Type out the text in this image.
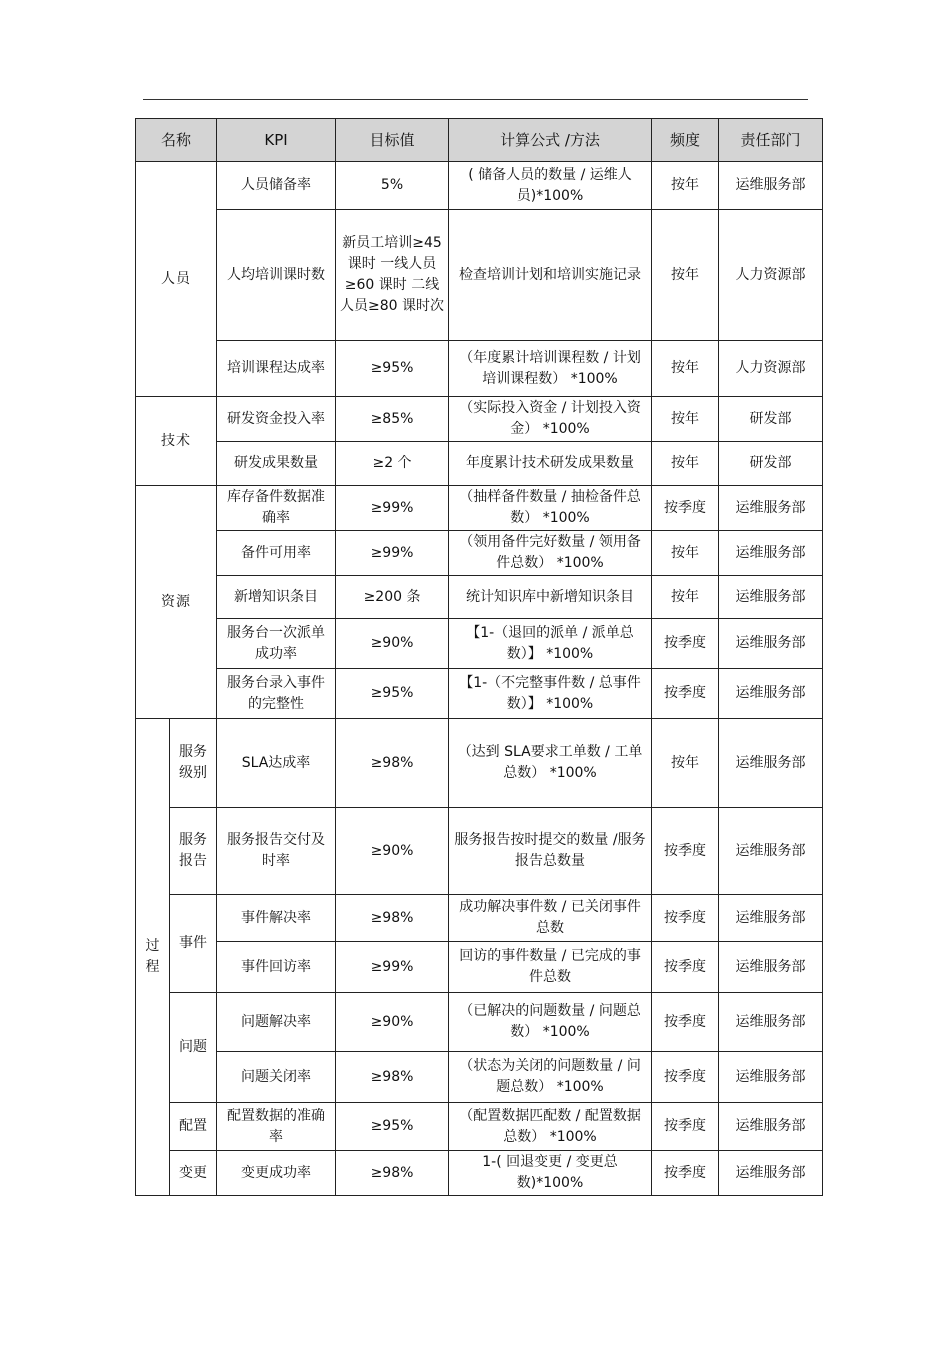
名称		KPI	目标值	计算公式 /方法	频度	责任部门
人员		人员储备率	5%	( 储备人员的数量 / 运维人员)*100%	按年	运维服务部
		人均培训课时数	新员工培训≥45 课时 一线人员≥60 课时 二线人员≥80 课时次	检查培训计划和培训实施记录	按年	人力资源部
		培训课程达成率	≥95%	（年度累计培训课程数 / 计划培训课程数） *100%	按年	人力资源部
技术		研发资金投入率	≥85%	（实际投入资金 / 计划投入资金） *100%	按年	研发部
		研发成果数量	≥2 个	年度累计技术研发成果数量	按年	研发部
资源		库存备件数据准确率	≥99%	（抽样备件数量 / 抽检备件总数） *100%	按季度	运维服务部
		备件可用率	≥99%	（领用备件完好数量 / 领用备件总数） *100%	按年	运维服务部
		新增知识条目	≥200 条	统计知识库中新增知识条目	按年	运维服务部
		服务台一次派单成功率	≥90%	【1-（退回的派单 / 派单总数）】 *100%	按季度	运维服务部
		服务台录入事件的完整性	≥95%	【1-（不完整事件数 / 总事件数）】 *100%	按季度	运维服务部
过程	服务级别	SLA达成率	≥98%	（达到 SLA要求工单数 / 工单总数） *100%	按年	运维服务部
	服务报告	服务报告交付及时率	≥90%	服务报告按时提交的数量 /服务报告总数量	按季度	运维服务部
	事件	事件解决率	≥98%	成功解决事件数 / 已关闭事件总数	按季度	运维服务部
		事件回访率	≥99%	回访的事件数量 / 已完成的事件总数	按季度	运维服务部
	问题	问题解决率	≥90%	（已解决的问题数量 / 问题总数） *100%	按季度	运维服务部
		问题关闭率	≥98%	（状态为关闭的问题数量 / 问题总数） *100%	按季度	运维服务部
	配置	配置数据的准确率	≥95%	（配置数据匹配数 / 配置数据总数） *100%	按季度	运维服务部
	变更	变更成功率	≥98%	1-( 回退变更 / 变更总数)*100%	按季度	运维服务部
